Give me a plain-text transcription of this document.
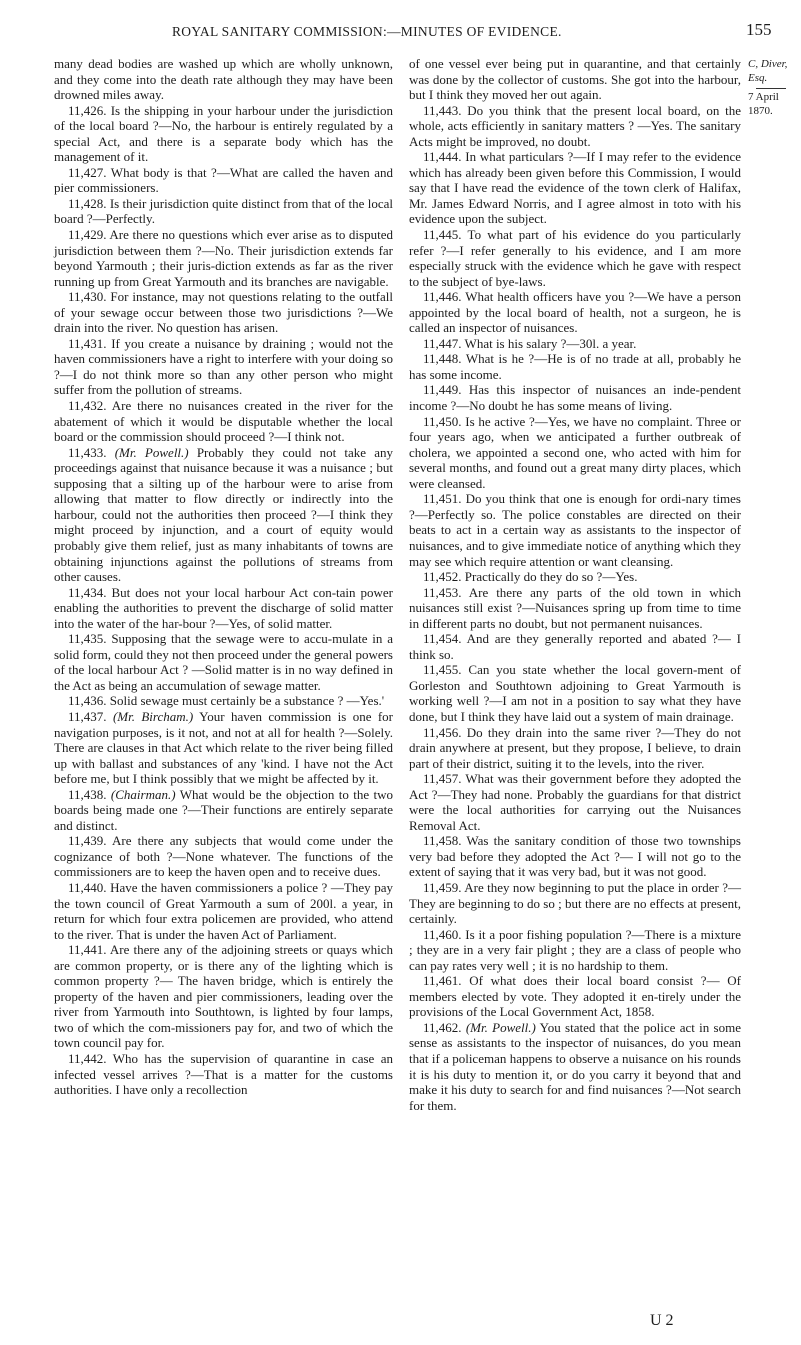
ROYAL SANITARY COMMISSION:—MINUTES OF EVIDENCE.	155

many dead bodies are washed up which are wholly unknown, and they come into the death rate although they may have been drowned miles away.

11,426. Is the shipping in your harbour under the jurisdiction of the local board ?—No, the harbour is entirely regulated by a special Act, and there is a separate body which has the management of it.

11,427. What body is that ?—What are called the haven and pier commissioners.

11,428. Is their jurisdiction quite distinct from that of the local board ?—Perfectly.

11,429. Are there no questions which ever arise as to disputed jurisdiction between them ?—No. Their jurisdiction extends far beyond Yarmouth ; their juris-diction extends as far as the river running up from Great Yarmouth and its branches are navigable.

11,430. For instance, may not questions relating to the outfall of your sewage occur between those two jurisdictions ?—We drain into the river. No question has arisen.

11,431. If you create a nuisance by draining ; would not the haven commissioners have a right to interfere with your doing so ?—I do not think more so than any other person who might suffer from the pollution of streams.

11,432. Are there no nuisances created in the river for the abatement of which it would be disputable whether the local board or the commission should proceed ?—I think not.

11,433. (Mr. Powell.) Probably they could not take any proceedings against that nuisance because it was a nuisance ; but supposing that a silting up of the harbour were to arise from allowing that matter to flow directly or indirectly into the harbour, could not the authorities then proceed ?—I think they might proceed by injunction, and a court of equity would probably give them relief, just as many inhabitants of towns are obtaining injunctions against the pollutions of streams from other causes.

11,434. But does not your local harbour Act con-tain power enabling the authorities to prevent the discharge of solid matter into the water of the har-bour ?—Yes, of solid matter.

11,435. Supposing that the sewage were to accu-mulate in a solid form, could they not then proceed under the general powers of the local harbour Act ? —Solid matter is in no way defined in the Act as being an accumulation of sewage matter.

11,436. Solid sewage must certainly be a substance ? —Yes.'

11,437. (Mr. Bircham.) Your haven commission is one for navigation purposes, is it not, and not at all for health ?—Solely. There are clauses in that Act which relate to the river being filled up with ballast and substances of any 'kind. I have not the Act before me, but I think possibly that we might be affected by it.

11,438. (Chairman.) What would be the objection to the two boards being made one ?—Their functions are entirely separate and distinct.

11,439. Are there any subjects that would come under the cognizance of both ?—None whatever. The functions of the commissioners are to keep the haven open and to receive dues.

11,440. Have the haven commissioners a police ? —They pay the town council of Great Yarmouth a sum of 200l. a year, in return for which four extra policemen are provided, who attend to the river. That is under the haven Act of Parliament.

11,441. Are there any of the adjoining streets or quays which are common property, or is there any of the lighting which is common property ?— The haven bridge, which is entirely the property of the haven and pier commissioners, leading over the river from Yarmouth into Southtown, is lighted by four lamps, two of which the com-missioners pay for, and two of which the town council pay for.

11,442. Who has the supervision of quarantine in case an infected vessel arrives ?—That is a matter for the customs authorities. I have only a recollection

of one vessel ever being put in quarantine, and that certainly was done by the collector of customs. She got into the harbour, but I think they moved her out again.

11,443. Do you think that the present local board, on the whole, acts efficiently in sanitary matters ? —Yes. The sanitary Acts might be improved, no doubt.

11,444. In what particulars ?—If I may refer to the evidence which has already been given before this Commission, I would say that I have read the evidence of the town clerk of Halifax, Mr. James Edward Norris, and I agree almost in toto with his evidence upon the subject.

11,445. To what part of his evidence do you particularly refer ?—I refer generally to his evidence, and I am more especially struck with the evidence which he gave with respect to the subject of bye-laws.

11,446. What health officers have you ?—We have a person appointed by the local board of health, not a surgeon, he is called an inspector of nuisances.

11,447. What is his salary ?—30l. a year.

11,448. What is he ?—He is of no trade at all, probably he has some income.

11,449. Has this inspector of nuisances an inde-pendent income ?—No doubt he has some means of living.

11,450. Is he active ?—Yes, we have no complaint. Three or four years ago, when we anticipated a further outbreak of cholera, we appointed a second one, who acted with him for several months, and found out a great many dirty places, which were cleansed.

11,451. Do you think that one is enough for ordi-nary times ?—Perfectly so. The police constables are directed on their beats to act in a certain way as assistants to the inspector of nuisances, and to give immediate notice of anything which they may see which require attention or want cleansing.

11,452. Practically do they do so ?—Yes.

11,453. Are there any parts of the old town in which nuisances still exist ?—Nuisances spring up from time to time in different parts no doubt, but not permanent nuisances.

11,454. And are they generally reported and abated ?— I think so.

11,455. Can you state whether the local govern-ment of Gorleston and Southtown adjoining to Great Yarmouth is working well ?—I am not in a position to say what they have done, but I think they have laid out a system of main drainage.

11,456. Do they drain into the same river ?—They do not drain anywhere at present, but they propose, I believe, to drain part of their district, suiting it to the levels, into the river.

11,457. What was their government before they adopted the Act ?—They had none. Probably the guardians for that district were the local authorities for carrying out the Nuisances Removal Act.

11,458. Was the sanitary condition of those two townships very bad before they adopted the Act ?— I will not go to the extent of saying that it was very bad, but it was not good.

11,459. Are they now beginning to put the place in order ?—They are beginning to do so ; but there are no effects at present, certainly.

11,460. Is it a poor fishing population ?—There is a mixture ; they are in a very fair plight ; they are a class of people who can pay rates very well ; it is no hardship to them.

11,461. Of what does their local board consist ?— Of members elected by vote. They adopted it en-tirely under the provisions of the Local Government Act, 1858.

11,462. (Mr. Powell.) You stated that the police act in some sense as assistants to the inspector of nuisances, do you mean that if a policeman happens to observe a nuisance on his rounds it is his duty to mention it, or do you carry it beyond that and make it his duty to search for and find nuisances ?—Not search for them.

C, Diver, Esq.
7 April 1870.
U 2
